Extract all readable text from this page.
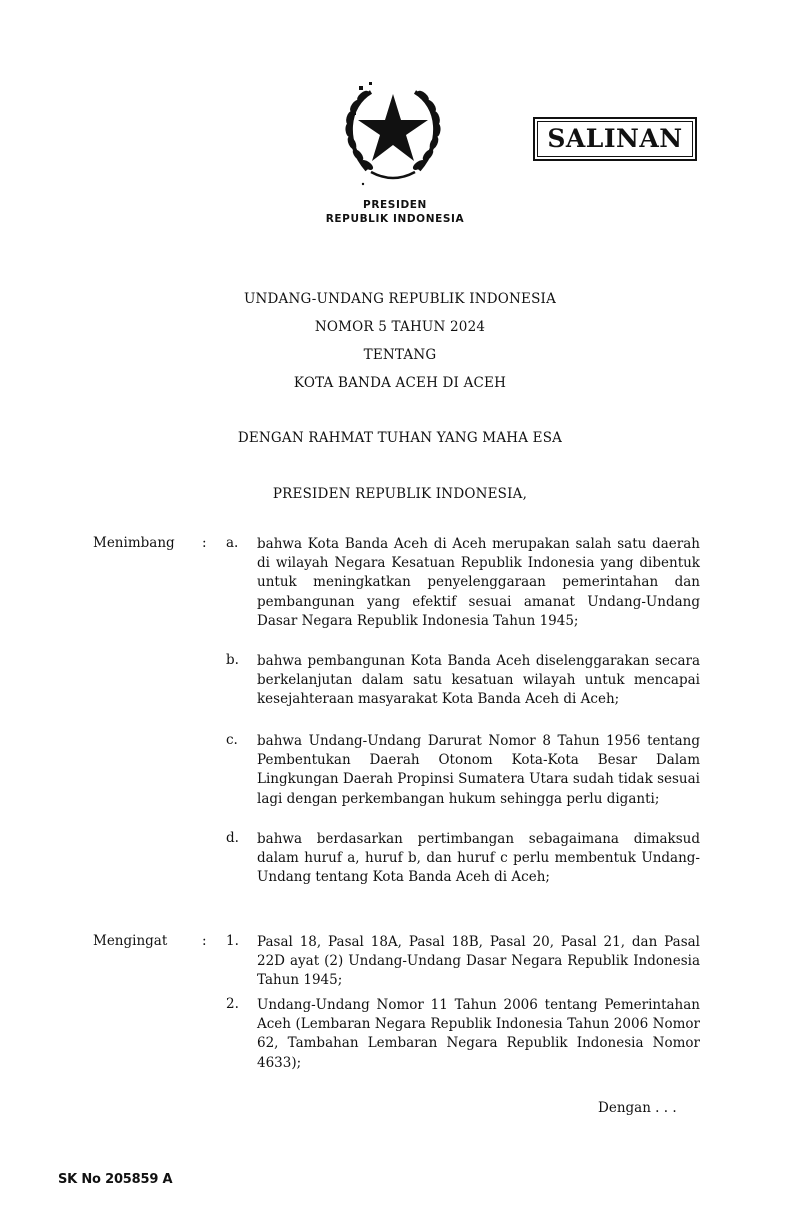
SALINAN
PRESIDEN
REPUBLIK INDONESIA
UNDANG-UNDANG REPUBLIK INDONESIA
NOMOR 5 TAHUN 2024
TENTANG
KOTA BANDA ACEH DI ACEH
DENGAN RAHMAT TUHAN YANG MAHA ESA
PRESIDEN REPUBLIK INDONESIA,
Menimbang : a. bahwa Kota Banda Aceh di Aceh merupakan salah satu daerah di wilayah Negara Kesatuan Republik Indonesia yang dibentuk untuk meningkatkan penyelenggaraan pemerintahan dan pembangunan yang efektif sesuai amanat Undang-Undang Dasar Negara Republik Indonesia Tahun 1945;
b. bahwa pembangunan Kota Banda Aceh diselenggarakan secara berkelanjutan dalam satu kesatuan wilayah untuk mencapai kesejahteraan masyarakat Kota Banda Aceh di Aceh;
c. bahwa Undang-Undang Darurat Nomor 8 Tahun 1956 tentang Pembentukan Daerah Otonom Kota-Kota Besar Dalam Lingkungan Daerah Propinsi Sumatera Utara sudah tidak sesuai lagi dengan perkembangan hukum sehingga perlu diganti;
d. bahwa berdasarkan pertimbangan sebagaimana dimaksud dalam huruf a, huruf b, dan huruf c perlu membentuk Undang-Undang tentang Kota Banda Aceh di Aceh;
Mengingat	: 1. Pasal 18, Pasal 18A, Pasal 18B, Pasal 20, Pasal 21, dan Pasal 22D ayat (2) Undang-Undang Dasar Negara Republik Indonesia Tahun 1945;
2. Undang-Undang Nomor 11 Tahun 2006 tentang Pemerintahan Aceh (Lembaran Negara Republik Indonesia Tahun 2006 Nomor 62, Tambahan Lembaran Negara Republik Indonesia Nomor 4633);
Dengan . . .
SK No 205859 A
